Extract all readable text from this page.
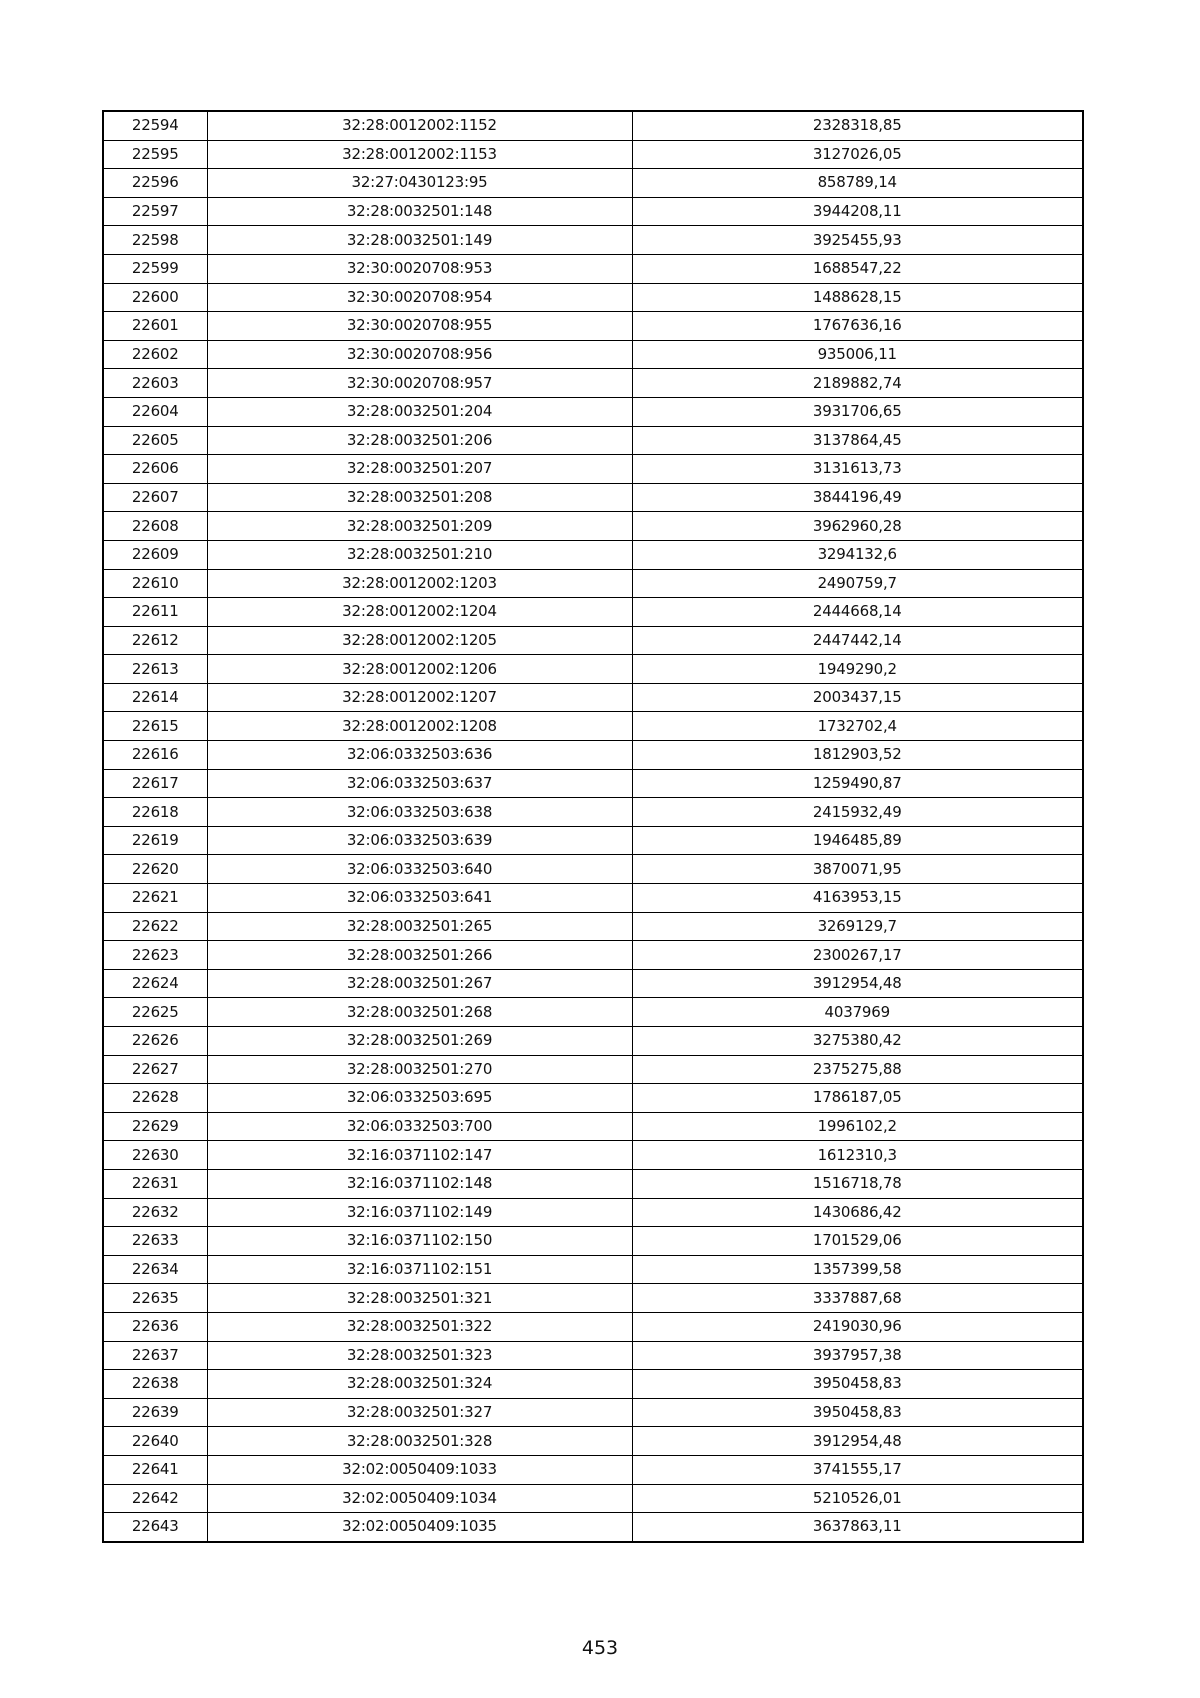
22594	32:28:0012002:1152	2328318,85
22595	32:28:0012002:1153	3127026,05
22596	32:27:0430123:95	858789,14
22597	32:28:0032501:148	3944208,11
22598	32:28:0032501:149	3925455,93
22599	32:30:0020708:953	1688547,22
22600	32:30:0020708:954	1488628,15
22601	32:30:0020708:955	1767636,16
22602	32:30:0020708:956	935006,11
22603	32:30:0020708:957	2189882,74
22604	32:28:0032501:204	3931706,65
22605	32:28:0032501:206	3137864,45
22606	32:28:0032501:207	3131613,73
22607	32:28:0032501:208	3844196,49
22608	32:28:0032501:209	3962960,28
22609	32:28:0032501:210	3294132,6
22610	32:28:0012002:1203	2490759,7
22611	32:28:0012002:1204	2444668,14
22612	32:28:0012002:1205	2447442,14
22613	32:28:0012002:1206	1949290,2
22614	32:28:0012002:1207	2003437,15
22615	32:28:0012002:1208	1732702,4
22616	32:06:0332503:636	1812903,52
22617	32:06:0332503:637	1259490,87
22618	32:06:0332503:638	2415932,49
22619	32:06:0332503:639	1946485,89
22620	32:06:0332503:640	3870071,95
22621	32:06:0332503:641	4163953,15
22622	32:28:0032501:265	3269129,7
22623	32:28:0032501:266	2300267,17
22624	32:28:0032501:267	3912954,48
22625	32:28:0032501:268	4037969
22626	32:28:0032501:269	3275380,42
22627	32:28:0032501:270	2375275,88
22628	32:06:0332503:695	1786187,05
22629	32:06:0332503:700	1996102,2
22630	32:16:0371102:147	1612310,3
22631	32:16:0371102:148	1516718,78
22632	32:16:0371102:149	1430686,42
22633	32:16:0371102:150	1701529,06
22634	32:16:0371102:151	1357399,58
22635	32:28:0032501:321	3337887,68
22636	32:28:0032501:322	2419030,96
22637	32:28:0032501:323	3937957,38
22638	32:28:0032501:324	3950458,83
22639	32:28:0032501:327	3950458,83
22640	32:28:0032501:328	3912954,48
22641	32:02:0050409:1033	3741555,17
22642	32:02:0050409:1034	5210526,01
22643	32:02:0050409:1035	3637863,11
453
